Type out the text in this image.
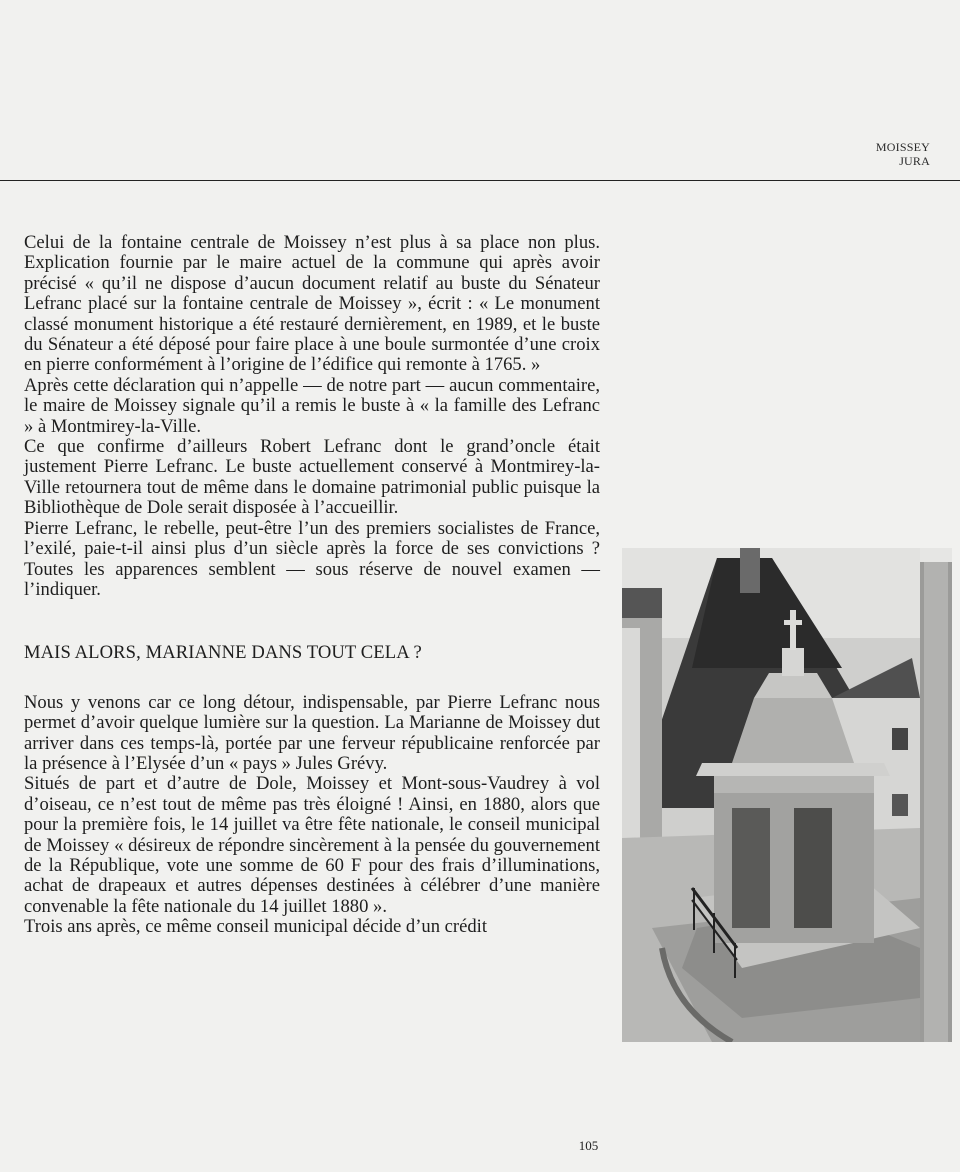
MOISSEY
JURA

Celui de la fontaine centrale de Moissey n’est plus à sa place non plus. Explication fournie par le maire actuel de la commune qui après avoir précisé « qu’il ne dispose d’aucun document relatif au buste du Sénateur Lefranc placé sur la fontaine centrale de Moissey », écrit : « Le monument classé monument historique a été restauré dernièrement, en 1989, et le buste du Sénateur a été déposé pour faire place à une boule surmontée d’une croix en pierre conformément à l’origine de l’édifice qui remonte à 1765. »

Après cette déclaration qui n’appelle — de notre part — aucun commentaire, le maire de Moissey signale qu’il a remis le buste à « la famille des Lefranc » à Montmirey-la-Ville.

Ce que confirme d’ailleurs Robert Lefranc dont le grand’oncle était justement Pierre Lefranc. Le buste actuellement conservé à Montmirey-la-Ville retournera tout de même dans le domaine patrimonial public puisque la Bibliothèque de Dole serait disposée à l’accueillir.

Pierre Lefranc, le rebelle, peut-être l’un des premiers socialistes de France, l’exilé, paie-t-il ainsi plus d’un siècle après la force de ses convictions ? Toutes les apparences semblent — sous réserve de nouvel examen — l’indiquer.

MAIS ALORS, MARIANNE DANS TOUT CELA ?

Nous y venons car ce long détour, indispensable, par Pierre Lefranc nous permet d’avoir quelque lumière sur la question. La Marianne de Moissey dut arriver dans ces temps-là, portée par une ferveur républicaine renforcée par la présence à l’Elysée d’un « pays » Jules Grévy.

Situés de part et d’autre de Dole, Moissey et Mont-sous-Vaudrey à vol d’oiseau, ce n’est tout de même pas très éloigné ! Ainsi, en 1880, alors que pour la première fois, le 14 juillet va être fête nationale, le conseil municipal de Moissey « désireux de répondre sincèrement à la pensée du gouvernement de la République, vote une somme de 60 F pour des frais d’illuminations, achat de drapeaux et autres dépenses destinées à célébrer d’une manière convenable la fête nationale du 14 juillet 1880 ».

Trois ans après, ce même conseil municipal décide d’un crédit

105
